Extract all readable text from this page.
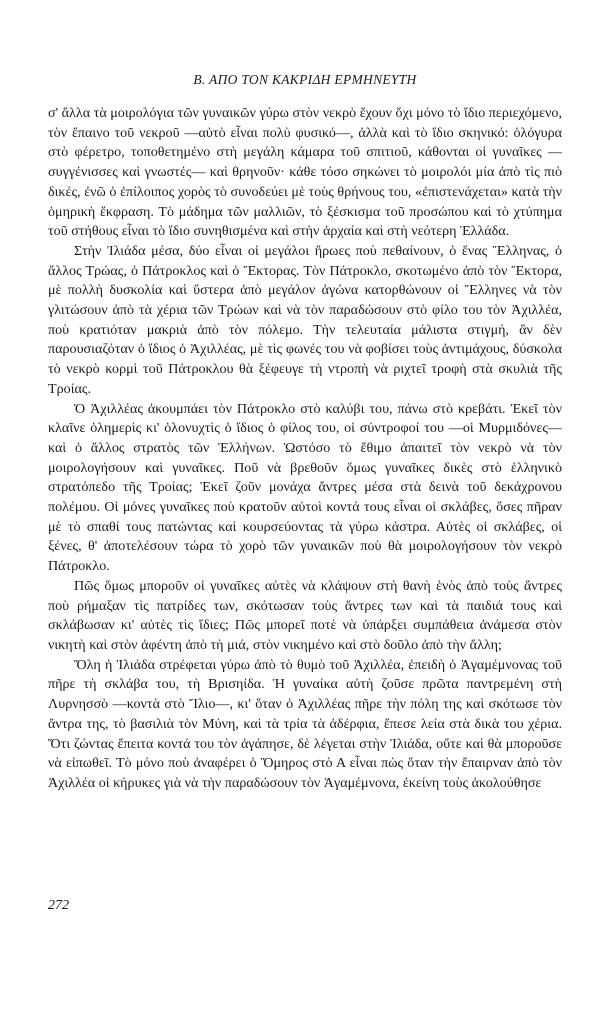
Β. ΑΠΟ ΤΟΝ ΚΑΚΡΙΔΗ ΕΡΜΗΝΕΥΤΗ

σ' ἄλλα τὰ μοιρολόγια τῶν γυναικῶν γύρω στὸν νεκρὸ ἔχουν ὄχι μόνο τὸ ἴδιο περιεχόμενο, τὸν ἔπαινο τοῦ νεκροῦ —αὐτὸ εἶναι πολὺ φυσικό—, ἀλλὰ καὶ τὸ ἴδιο σκηνικό: ὁλόγυρα στὸ φέρετρο, τοποθετημένο στὴ μεγάλη κάμαρα τοῦ σπιτιοῦ, κάθονται οἱ γυναῖκες —συγγένισσες καὶ γνωστές— καὶ θρηνοῦν· κάθε τόσο σηκώνει τὸ μοιρολόι μία ἀπὸ τὶς πιὸ δικές, ἐνῶ ὁ ἐπίλοιπος χορὸς τὸ συνοδεύει μὲ τοὺς θρήνους του, «ἐπιστενάχεται» κατὰ τὴν ὁμηρικὴ ἔκφραση. Τὸ μάδημα τῶν μαλλιῶν, τὸ ξέσκισμα τοῦ προσώπου καὶ τὸ χτύπημα τοῦ στήθους εἶναι τὸ ἴδιο συνηθισμένα καὶ στὴν ἀρχαία καὶ στὴ νεότερη Ἑλλάδα.

Στὴν Ἰλιάδα μέσα, δύο εἶναι οἱ μεγάλοι ἥρωες ποὺ πεθαίνουν, ὁ ἕνας Ἕλληνας, ὁ ἄλλος Τρώας, ὁ Πάτροκλος καὶ ὁ Ἕκτορας. Τὸν Πάτροκλο, σκοτωμένο ἀπὸ τὸν Ἕκτορα, μὲ πολλὴ δυσκολία καὶ ὕστερα ἀπὸ μεγάλον ἀγώνα κατορθώνουν οἱ Ἕλληνες νὰ τὸν γλιτώσουν ἀπὸ τὰ χέρια τῶν Τρώων καὶ νὰ τὸν παραδώσουν στὸ φίλο του τὸν Ἀχιλλέα, ποὺ κρατιόταν μακριὰ ἀπὸ τὸν πόλεμο. Τὴν τελευταία μάλιστα στιγμή, ἂν δὲν παρουσιαζόταν ὁ ἴδιος ὁ Ἀχιλλέας, μὲ τὶς φωνές του νὰ φοβίσει τοὺς ἀντιμάχους, δύσκολα τὸ νεκρὸ κορμὶ τοῦ Πάτροκλου θὰ ξέφευγε τὴ ντροπὴ νὰ ριχτεῖ τροφὴ στὰ σκυλιὰ τῆς Τροίας.

Ὁ Ἀχιλλέας ἀκουμπάει τὸν Πάτροκλο στὸ καλύβι του, πάνω στὸ κρεβάτι. Ἐκεῖ τὸν κλαῖνε ὁλημερὶς κι' ὁλονυχτὶς ὁ ἴδιος ὁ φίλος του, οἱ σύντροφοί του —οἱ Μυρμιδόνες— καὶ ὁ ἄλλος στρατὸς τῶν Ἑλλήνων. Ὡστόσο τὸ ἔθιμο ἀπαιτεῖ τὸν νεκρὸ νὰ τὸν μοιρολογήσουν καὶ γυναῖκες. Ποῦ νὰ βρεθοῦν ὅμως γυναῖκες δικὲς στὸ ἑλληνικὸ στρατόπεδο τῆς Τροίας; Ἐκεῖ ζοῦν μονάχα ἄντρες μέσα στὰ δεινὰ τοῦ δεκάχρονου πολέμου. Οἱ μόνες γυναῖκες ποὺ κρατοῦν αὐτοὶ κοντά τους εἶναι οἱ σκλάβες, ὅσες πῆραν μὲ τὸ σπαθί τους πατώντας καὶ κουρσεύοντας τὰ γύρω κάστρα. Αὐτὲς οἱ σκλάβες, οἱ ξένες, θ' ἀποτελέσουν τώρα τὸ χορὸ τῶν γυναικῶν ποὺ θὰ μοιρολογήσουν τὸν νεκρὸ Πάτροκλο.

Πῶς ὅμως μποροῦν οἱ γυναῖκες αὐτὲς νὰ κλάψουν στὴ θανὴ ἑνὸς ἀπὸ τοὺς ἄντρες ποὺ ρήμαξαν τὶς πατρίδες των, σκότωσαν τοὺς ἄντρες των καὶ τὰ παιδιά τους καὶ σκλάβωσαν κι' αὐτὲς τὶς ἴδιες; Πῶς μπορεῖ ποτὲ νὰ ὑπάρξει συμπάθεια ἀνάμεσα στὸν νικητὴ καὶ στὸν ἀφέντη ἀπὸ τὴ μιά, στὸν νικημένο καὶ στὸ δοῦλο ἀπὸ τὴν ἄλλη;

Ὅλη ἡ Ἰλιάδα στρέφεται γύρω ἀπὸ τὸ θυμὸ τοῦ Ἀχιλλέα, ἐπειδὴ ὁ Ἀγαμέμνονας τοῦ πῆρε τὴ σκλάβα του, τὴ Βρισηίδα. Ἡ γυναίκα αὐτὴ ζοῦσε πρῶτα παντρεμένη στὴ Λυρνησσὸ —κοντὰ στὸ Ἴλιο—, κι' ὅταν ὁ Ἀχιλλέας πῆρε τὴν πόλη της καὶ σκότωσε τὸν ἄντρα της, τὸ βασιλιὰ τὸν Μύνη, καὶ τὰ τρία τὰ ἀδέρφια, ἔπεσε λεία στὰ δικὰ του χέρια. Ὅτι ζώντας ἔπειτα κοντά του τὸν ἀγάπησε, δὲ λέγεται στὴν Ἰλιάδα, οὔτε καὶ θὰ μποροῦσε νὰ εἰπωθεῖ. Τὸ μόνο ποὺ ἀναφέρει ὁ Ὅμηρος στὸ Α εἶναι πὼς ὅταν τὴν ἔπαιρναν ἀπὸ τὸν Ἀχιλλέα οἱ κήρυκες γιὰ νὰ τὴν παραδώσουν τὸν Ἀγαμέμνονα, ἐκείνη τοὺς ἀκολούθησε

272
